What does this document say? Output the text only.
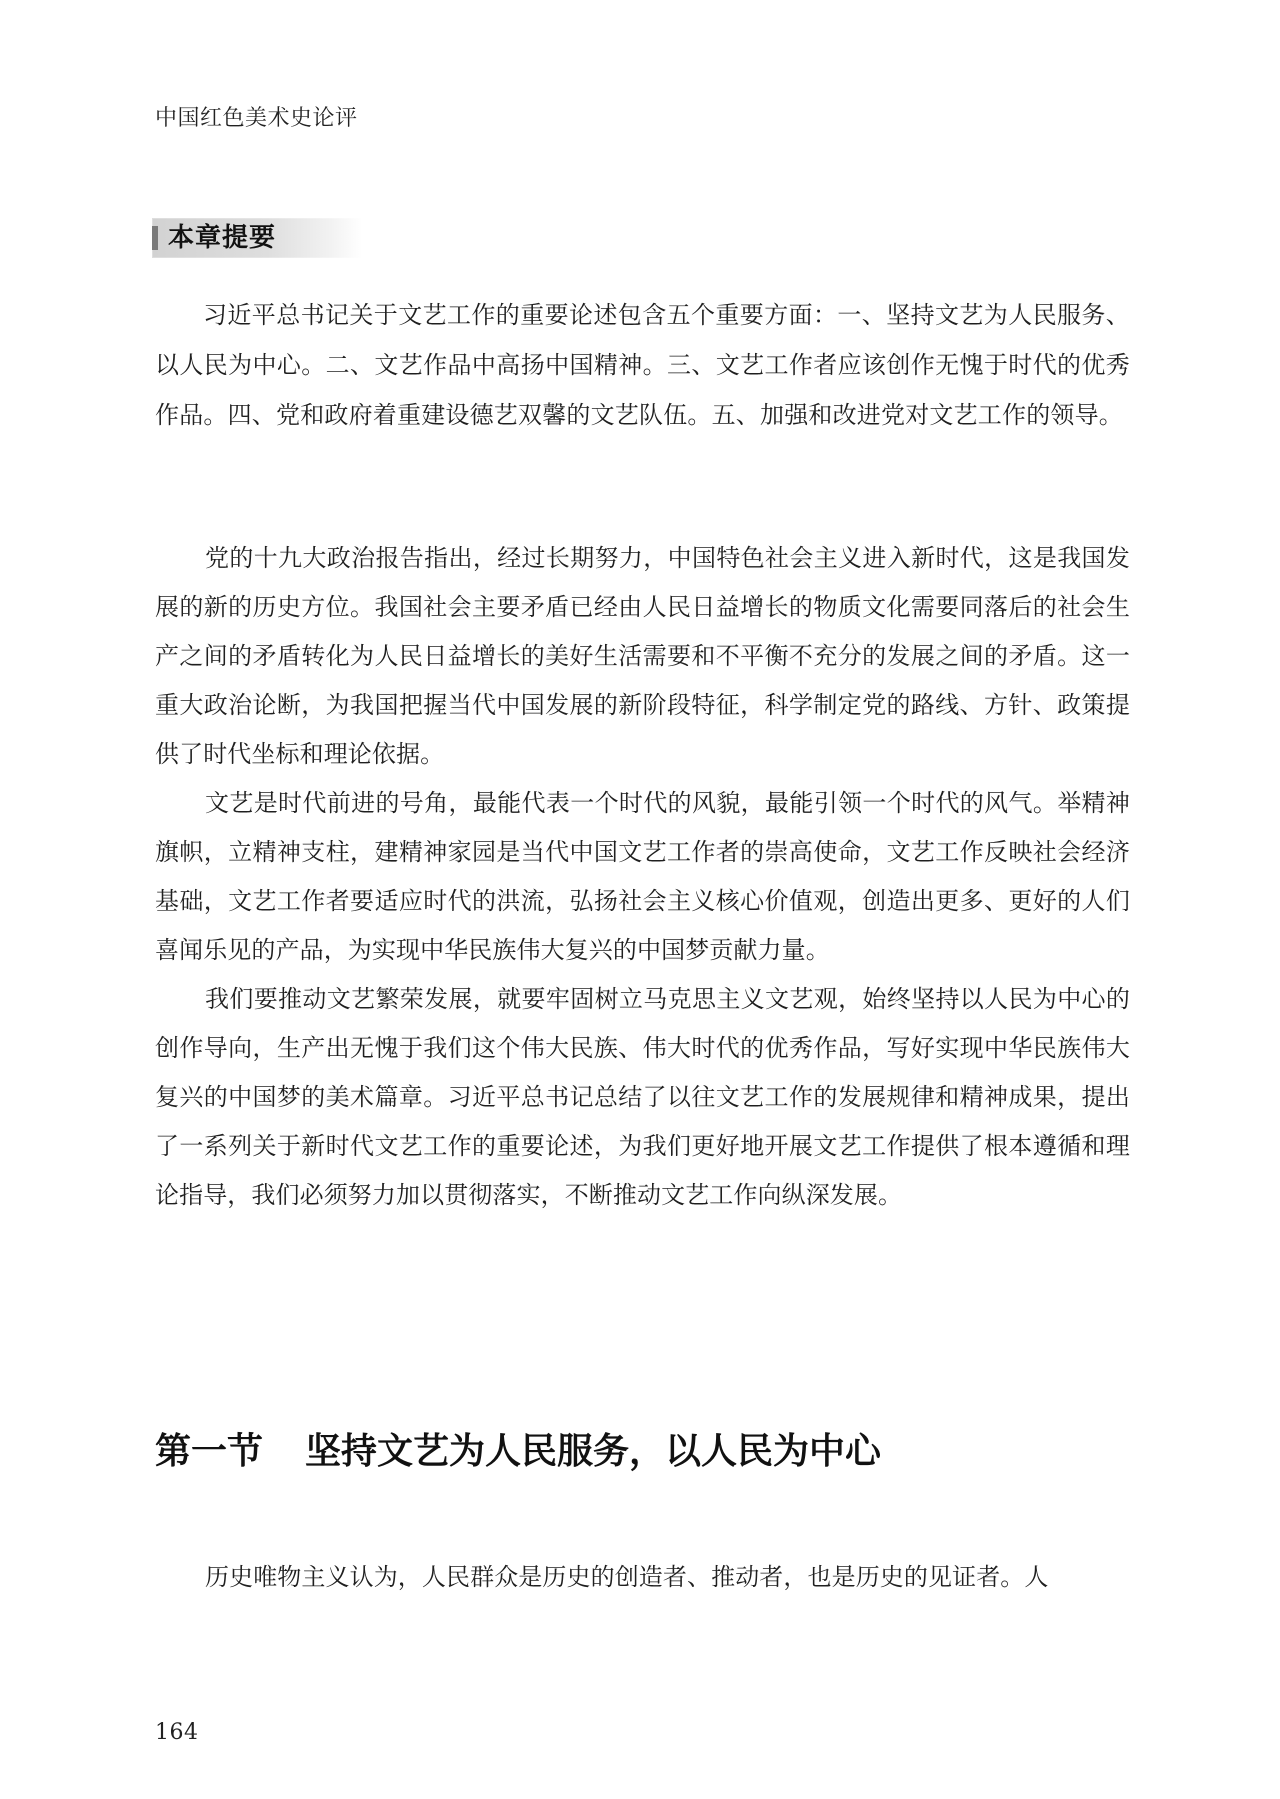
中国红色美术史论评
本章提要

习近平总书记关于文艺工作的重要论述包含五个重要方面：一、坚持文艺为人民服务、以人民为中心。二、文艺作品中高扬中国精神。三、文艺工作者应该创作无愧于时代的优秀作品。四、党和政府着重建设德艺双馨的文艺队伍。五、加强和改进党对文艺工作的领导。

党的十九大政治报告指出，经过长期努力，中国特色社会主义进入新时代，这是我国发展的新的历史方位。我国社会主要矛盾已经由人民日益增长的物质文化需要同落后的社会生产之间的矛盾转化为人民日益增长的美好生活需要和不平衡不充分的发展之间的矛盾。这一重大政治论断，为我国把握当代中国发展的新阶段特征，科学制定党的路线、方针、政策提供了时代坐标和理论依据。

文艺是时代前进的号角，最能代表一个时代的风貌，最能引领一个时代的风气。举精神旗帜，立精神支柱，建精神家园是当代中国文艺工作者的崇高使命，文艺工作反映社会经济基础，文艺工作者要适应时代的洪流，弘扬社会主义核心价值观，创造出更多、更好的人们喜闻乐见的产品，为实现中华民族伟大复兴的中国梦贡献力量。

我们要推动文艺繁荣发展，就要牢固树立马克思主义文艺观，始终坚持以人民为中心的创作导向，生产出无愧于我们这个伟大民族、伟大时代的优秀作品，写好实现中华民族伟大复兴的中国梦的美术篇章。习近平总书记总结了以往文艺工作的发展规律和精神成果，提出了一系列关于新时代文艺工作的重要论述，为我们更好地开展文艺工作提供了根本遵循和理论指导，我们必须努力加以贯彻落实，不断推动文艺工作向纵深发展。

第一节 坚持文艺为人民服务，以人民为中心

历史唯物主义认为，人民群众是历史的创造者、推动者，也是历史的见证者。人

164
